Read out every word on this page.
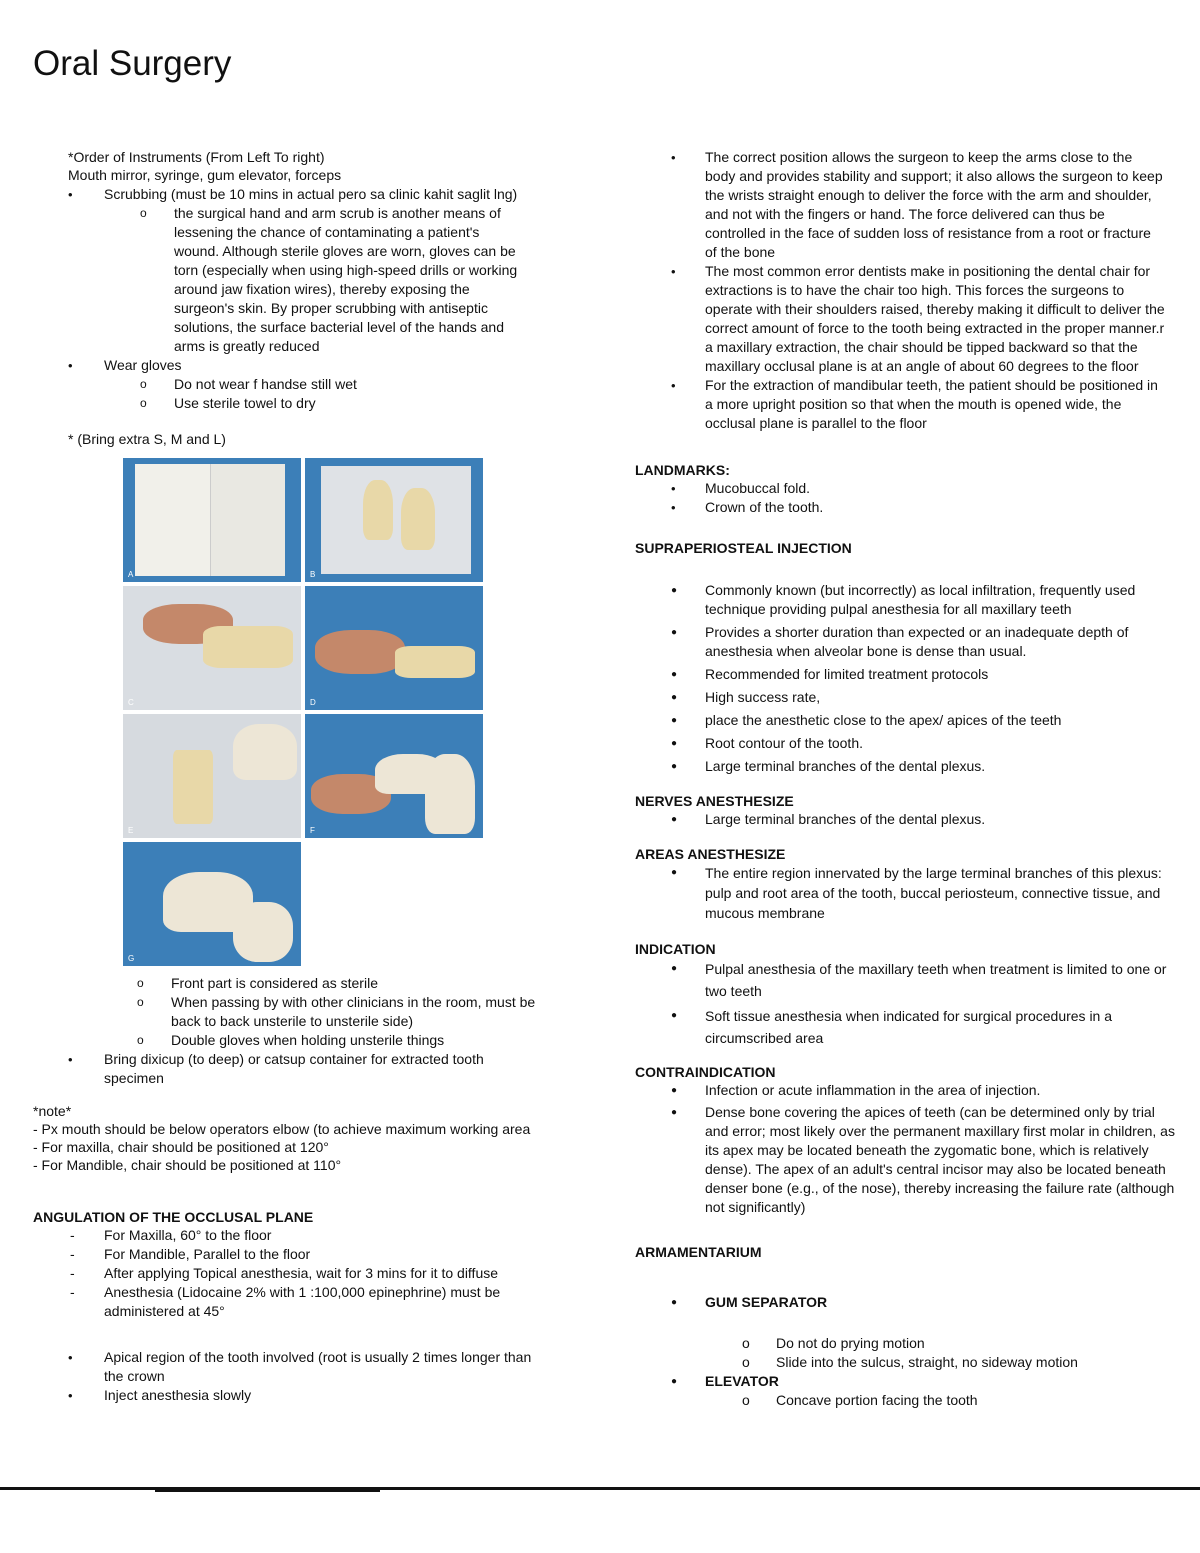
Oral Surgery

*Order of Instruments (From Left To right)

Mouth mirror, syringe, gum elevator, forceps

• Scrubbing (must be 10 mins in actual pero sa clinic kahit saglit lng)
o the surgical hand and arm scrub is another means of lessening the chance of contaminating a patient's wound. Although sterile gloves are worn, gloves can be torn (especially when using high-speed drills or working around jaw fixation wires), thereby exposing the surgeon's skin. By proper scrubbing with antiseptic solutions, the surface bacterial level of the hands and arms is greatly reduced
• Wear gloves
o Do not wear f handse still wet
o Use sterile towel to dry

* (Bring extra S, M and L)

A	B
C	D
E	F
G
o Front part is considered as sterile
o When passing by with other clinicians in the room, must be back to back unsterile to unsterile side)
o Double gloves when holding unsterile things
• Bring dixicup (to deep) or catsup container for extracted tooth specimen

*note*

- Px mouth should be below operators elbow (to achieve maximum working area

- For maxilla, chair should be positioned at 120°

- For Mandible, chair should be positioned at 110°

ANGULATION OF THE OCCLUSAL PLANE

- For Maxilla, 60° to the floor
- For Mandible, Parallel to the floor
- After applying Topical anesthesia, wait for 3 mins for it to diffuse
- Anesthesia (Lidocaine 2% with 1 :100,000 epinephrine) must be administered at 45°
• Apical region of the tooth involved (root is usually 2 times longer than the crown
• Inject anesthesia slowly
• The correct position allows the surgeon to keep the arms close to the body and provides stability and support; it also allows the surgeon to keep the wrists straight enough to deliver the force with the arm and shoulder, and not with the fingers or hand. The force delivered can thus be controlled in the face of sudden loss of resistance from a root or fracture of the bone
• The most common error dentists make in positioning the dental chair for extractions is to have the chair too high. This forces the surgeons to operate with their shoulders raised, thereby making it difficult to deliver the correct amount of force to the tooth being extracted in the proper manner.r a maxillary extraction, the chair should be tipped backward so that the maxillary occlusal plane is at an angle of about 60 degrees to the floor
• For the extraction of mandibular teeth, the patient should be positioned in a more upright position so that when the mouth is opened wide, the occlusal plane is parallel to the floor

LANDMARKS:

• Mucobuccal fold.
• Crown of the tooth.

SUPRAPERIOSTEAL INJECTION

● Commonly known (but incorrectly) as local infiltration, frequently used technique providing pulpal anesthesia for all maxillary teeth
● Provides a shorter duration than expected or an inadequate depth of anesthesia when alveolar bone is dense than usual.
● Recommended for limited treatment protocols
● High success rate,
● place the anesthetic close to the apex/ apices of the teeth
● Root contour of the tooth.
● Large terminal branches of the dental plexus.

NERVES ANESTHESIZE

● Large terminal branches of the dental plexus.

AREAS ANESTHESIZE

● The entire region innervated by the large terminal branches of this plexus: pulp and root area of the tooth, buccal periosteum, connective tissue, and mucous membrane

INDICATION

● Pulpal anesthesia of the maxillary teeth when treatment is limited to one or two teeth
● Soft tissue anesthesia when indicated for surgical procedures in a circumscribed area

CONTRAINDICATION

● Infection or acute inflammation in the area of injection.
● Dense bone covering the apices of teeth (can be determined only by trial and error; most likely over the permanent maxillary first molar in children, as its apex may be located beneath the zygomatic bone, which is relatively dense). The apex of an adult's central incisor may also be located beneath denser bone (e.g., of the nose), thereby increasing the failure rate (although not significantly)

ARMAMENTARIUM

● GUM SEPARATOR
o Do not do prying motion
o Slide into the sulcus, straight, no sideway motion
● ELEVATOR
o Concave portion facing the tooth
